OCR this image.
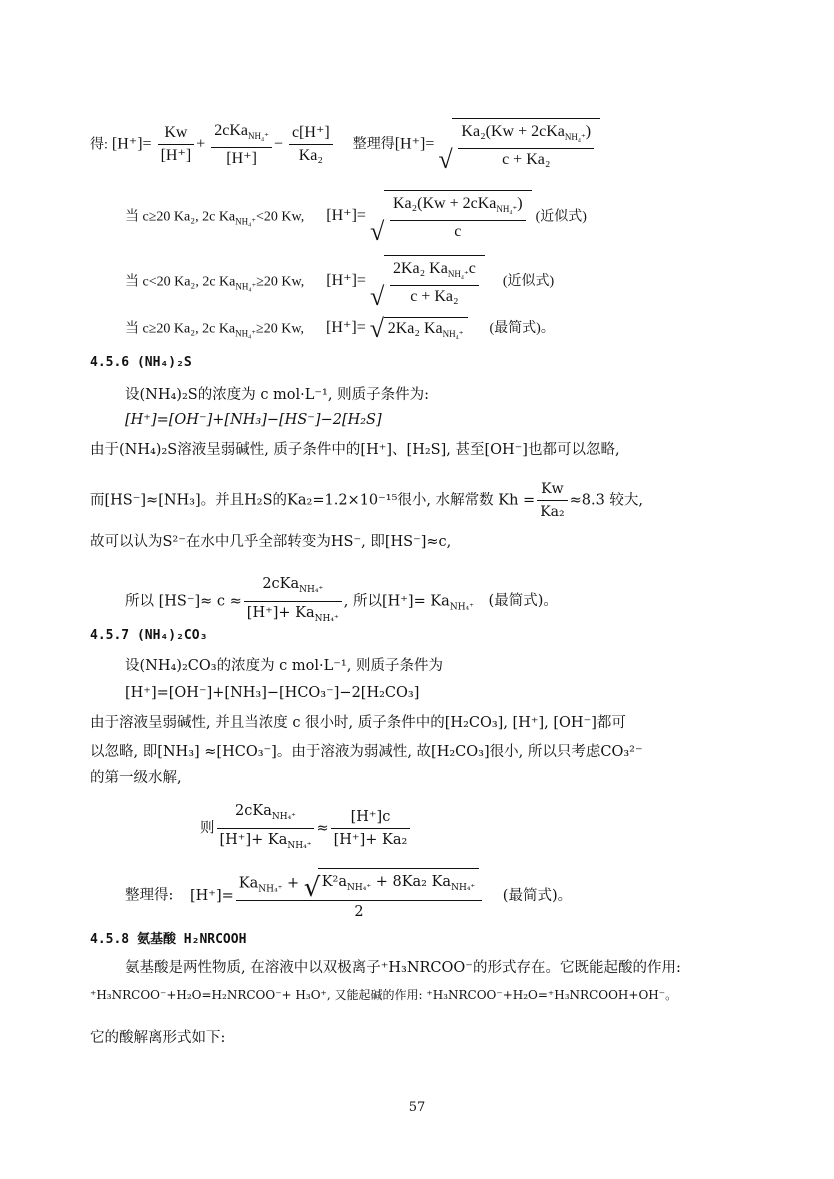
得: $[H^+]= \frac{Kw}{[H^+]} + \frac{2cKa_{NH_4^+}}{[H^+]} - \frac{c[H^+]}{\text{Ka₂}}$ 整理得[H⁺]= √ $\frac{Ka_2(Kw + 2cKa_{NH_4^+})}{\text{c + Ka₂}}$
当 c≥20 Ka₂, 2c $Ka_{NH_4^+}<20$ Kw, [H⁺]= √ $\frac{Ka_2(Kw + 2cKa_{NH_4^+})}{c}$ (近似式)
当 c<20 Ka₂, 2c $Ka_{NH_4^+}\ge 20$ Kw, [H⁺]= √ $\frac{2Ka_2 Ka_{NH_4^+}c}{\text{c + Ka₂}}$ (近似式)
当 c≥20 Ka₂, 2c $Ka_{NH_4^+}\ge 20$ Kw, [H⁺]= √ 2Ka₂ $Ka_{NH_4^+}$ (最简式)。
4.5.6 (NH₄)₂S
设(NH₄)₂S的浓度为 c mol·L⁻¹, 则质子条件为:
[H⁺]=[OH⁻]+[NH₃]−[HS⁻]−2[H₂S]
由于(NH₄)₂S溶液呈弱碱性, 质子条件中的[H⁺]、[H₂S], 甚至[OH⁻]也都可以忽略,
而[HS⁻]≈[NH₃]。并且H₂S的Ka₂=1.2×10⁻¹⁵很小, 水解常数 $Kh = \frac{Kw}{\text{Ka₂}} \approx 8.3$ 较大,
故可以认为S²⁻在水中几乎全部转变为HS⁻, 即[HS⁻]≈c,
所以 $[HS^-]\approx c \approx \frac{2cKa_{NH_4^+}}{[H^+]+ Ka_{NH_4^+}}$ , 所以$[H^+]= Ka_{NH_4^+}$ (最简式)。
4.5.7 (NH₄)₂CO₃
设(NH₄)₂CO₃的浓度为 c mol·L⁻¹, 则质子条件为
[H⁺]=[OH⁻]+[NH₃]−[HCO₃⁻]−2[H₂CO₃]
由于溶液呈弱碱性, 并且当浓度 c 很小时, 质子条件中的[H₂CO₃], [H⁺], [OH⁻]都可
以忽略, 即[NH₃] ≈[HCO₃⁻]。由于溶液为弱减性, 故[H₂CO₃]很小, 所以只考虑CO₃²⁻
的第一级水解,
则 $\frac{2cKa_{NH_4^+}}{[H^+]+ Ka_{NH_4^+}} \approx \frac{[H^+]c}{\text{[H⁺]+ Ka₂}}$
整理得: $[H^+]= \frac{Ka_{NH_4^+} + √ K^2a_{NH_4^+} + 8Ka_2 Ka_{NH_4^+}}{2}$ (最简式)。
4.5.8 氨基酸 H₂NRCOOH
氨基酸是两性物质, 在溶液中以双极离子⁺H₃NRCOO⁻的形式存在。它既能起酸的作用:
⁺H₃NRCOO⁻+H₂O=H₂NRCOO⁻+ H₃O⁺, 又能起碱的作用: ⁺H₃NRCOO⁻+H₂O=⁺H₃NRCOOH+OH⁻。
它的酸解离形式如下:
57
